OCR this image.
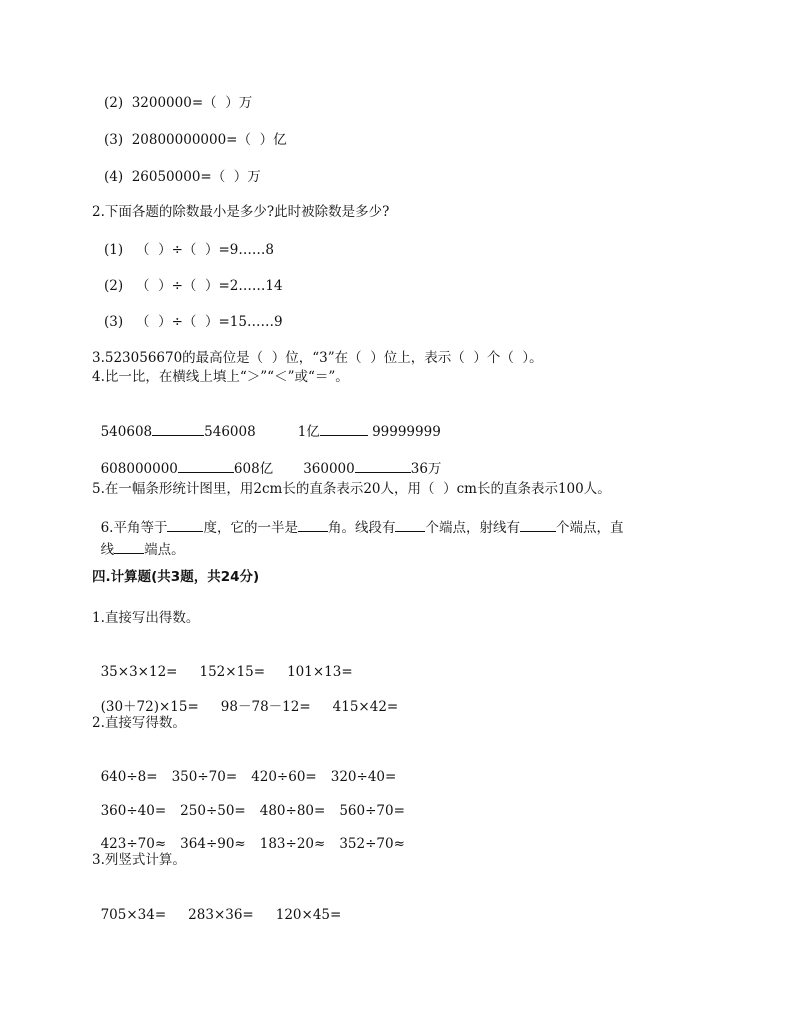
(2)  3200000=（  ）万
(3)  20800000000=（  ）亿
(4)  26050000=（  ）万
2.下面各题的除数最小是多少?此时被除数是多少?
(1)   （  ）÷（  ）=9……8
(2)   （  ）÷（  ）=2……14
(3)   （  ）÷（  ）=15……9
3.523056670的最高位是（  ）位，“3”在（  ）位上，表示（  ）个（  ）。
4.比一比，在横线上填上“＞”“＜”或“＝”。

540608	546008	1亿	99999999

608000000	608亿 360000	36万

5.在一幅条形统计图里，用2cm长的直条表示20人，用（  ）cm长的直条表示100人。

6.平角等于	度，它的一半是 角。线段有 个端点，射线有	个端点，直

线 端点。

四.计算题(共3题，共24分)
1.直接写出得数。

35×3×12= 152×15= 101×13=

(30＋72)×15= 98－78－12= 415×42=

2.直接写得数。

640÷8= 350÷70= 420÷60= 320÷40=

360÷40= 250÷50= 480÷80= 560÷70=

423÷70≈ 364÷90≈ 183÷20≈ 352÷70≈

3.列竖式计算。

705×34= 283×36= 120×45=
